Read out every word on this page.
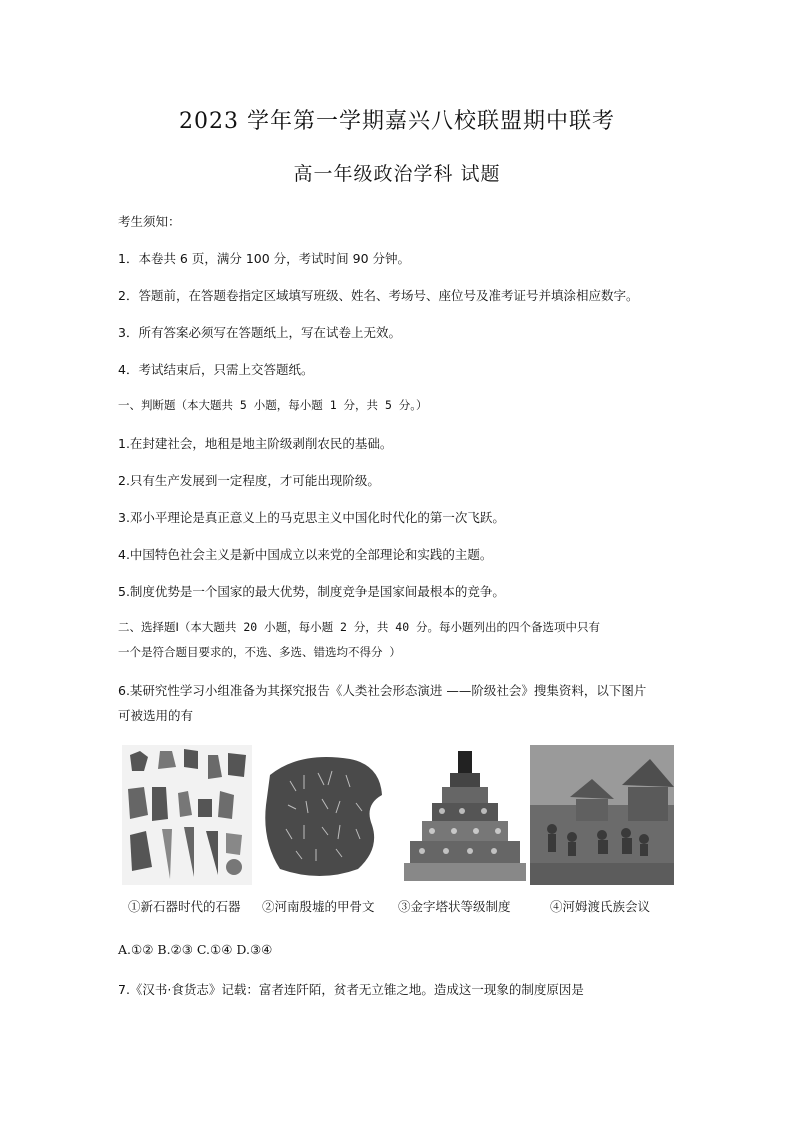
2023 学年第一学期嘉兴八校联盟期中联考
高一年级政治学科 试题
考生须知：
1．本卷共 6 页，满分 100 分，考试时间 90 分钟。
2．答题前，在答题卷指定区域填写班级、姓名、考场号、座位号及准考证号并填涂相应数字。
3．所有答案必须写在答题纸上，写在试卷上无效。
4．考试结束后，只需上交答题纸。
一、判断题（本大题共 5 小题，每小题 1 分，共 5 分。）
1.在封建社会，地租是地主阶级剥削农民的基础。
2.只有生产发展到一定程度，才可能出现阶级。
3.邓小平理论是真正意义上的马克思主义中国化时代化的第一次飞跃。
4.中国特色社会主义是新中国成立以来党的全部理论和实践的主题。
5.制度优势是一个国家的最大优势，制度竞争是国家间最根本的竞争。
二、选择题Ⅰ（本大题共 20 小题，每小题 2 分，共 40 分。每小题列出的四个备选项中只有
一个是符合题目要求的，不选、多选、错选均不得分 ）
6.某研究性学习小组准备为其探究报告《人类社会形态演进 ——阶级社会》搜集资料，以下图片
可被选用的有
①新石器时代的石器 ②河南殷墟的甲骨文 ③金字塔状等级制度	④河姆渡氏族会议
A.①② B.②③ C.①④ D.③④
7.《汉书·食货志》记载：富者连阡陌，贫者无立锥之地。造成这一现象的制度原因是
